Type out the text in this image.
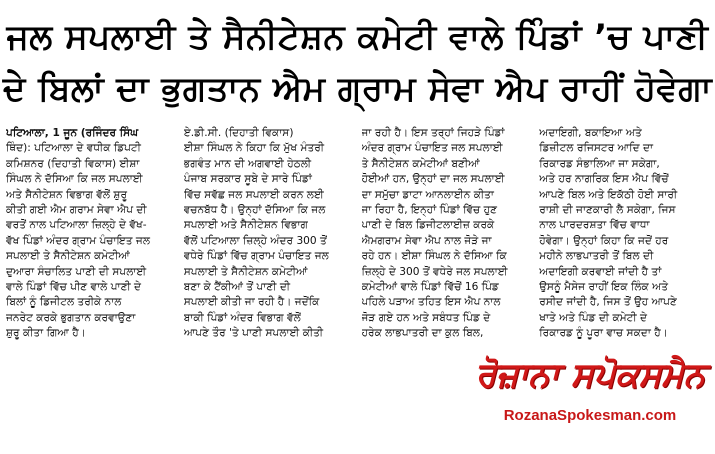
ਜਲ ਸਪਲਾਈ ਤੇ ਸੈਨੀਟੇਸ਼ਨ ਕਮੇਟੀ ਵਾਲੇ ਪਿੰਡਾਂ ’ਚ ਪਾਣੀ
ਦੇ ਬਿਲਾਂ ਦਾ ਭੁਗਤਾਨ ਐਮ ਗ੍ਰਾਮ ਸੇਵਾ ਐਪ ਰਾਹੀਂ ਹੋਵੇਗਾ
ਪਟਿਆਲਾ, 1 ਜੂਨ (ਰਜਿੰਦਰ ਸਿੰਘ
ਥਿੰਦ): ਪਟਿਆਲਾ ਦੇ ਵਧੀਕ ਡਿਪਟੀ
ਕਮਿਸ਼ਨਰ (ਦਿਹਾਤੀ ਵਿਕਾਸ) ਈਸ਼ਾ
ਸਿੰਘਲ ਨੇ ਦੱਸਿਆ ਕਿ ਜਲ ਸਪਲਾਈ
ਅਤੇ ਸੈਨੀਟੇਸ਼ਨ ਵਿਭਾਗ ਵੱਲੋਂ ਸ਼ੁਰੂ
ਕੀਤੀ ਗਈ ਐਮ ਗਰਾਮ ਸੇਵਾ ਐਪ ਦੀ
ਵਰਤੋਂ ਨਾਲ ਪਟਿਆਲਾ ਜ਼ਿਲ੍ਹੇ ਦੇ ਵੱਖ-
ਵੱਖ ਪਿੰਡਾਂ ਅੰਦਰ ਗ੍ਰਾਮ ਪੰਚਾਇਤ ਜਲ
ਸਪਲਾਈ ਤੇ ਸੈਨੀਟੇਸ਼ਨ ਕਮੇਟੀਆਂ
ਦੁਆਰਾ ਸੰਚਾਲਿਤ ਪਾਣੀ ਦੀ ਸਪਲਾਈ
ਵਾਲੇ ਪਿੰਡਾਂ ਵਿੱਚ ਪੀਣ ਵਾਲੇ ਪਾਣੀ ਦੇ
ਬਿਲਾਂ ਨੂੰ ਡਿਜੀਟਲ ਤਰੀਕੇ ਨਾਲ
ਜਨਰੇਟ ਕਰਕੇ ਭੁਗਤਾਨ ਕਰਵਾਉਣਾ
ਸ਼ੁਰੂ ਕੀਤਾ ਗਿਆ ਹੈ।
ਏ.ਡੀ.ਸੀ. (ਦਿਹਾਤੀ ਵਿਕਾਸ)
ਈਸ਼ਾ ਸਿੰਘਲ ਨੇ ਕਿਹਾ ਕਿ ਮੁੱਖ ਮੰਤਰੀ
ਭਗਵੰਤ ਮਾਨ ਦੀ ਅਗਵਾਈ ਹੇਠਲੀ
ਪੰਜਾਬ ਸਰਕਾਰ ਸੂਬੇ ਦੇ ਸਾਰੇ ਪਿੰਡਾਂ
ਵਿੱਚ ਸਵੱਛ ਜਲ ਸਪਲਾਈ ਕਰਨ ਲਈ
ਵਚਨਬੱਧ ਹੈ। ਉਨ੍ਹਾਂ ਦੱਸਿਆ ਕਿ ਜਲ
ਸਪਲਾਈ ਅਤੇ ਸੈਨੀਟੇਸ਼ਨ ਵਿਭਾਗ
ਵੱਲੋਂ ਪਟਿਆਲਾ ਜ਼ਿਲ੍ਹੇ ਅੰਦਰ 300 ਤੋਂ
ਵਧੇਰੇ ਪਿੰਡਾਂ ਵਿੱਚ ਗ੍ਰਾਮ ਪੰਚਾਇਤ ਜਲ
ਸਪਲਾਈ ਤੇ ਸੈਨੀਟੇਸ਼ਨ ਕਮੇਟੀਆਂ
ਬਣਾ ਕੇ ਟੈਂਕੀਆਂ ਤੋਂ ਪਾਣੀ ਦੀ
ਸਪਲਾਈ ਕੀਤੀ ਜਾ ਰਹੀ ਹੈ। ਜਦੋਂਕਿ
ਬਾਕੀ ਪਿੰਡਾਂ ਅੰਦਰ ਵਿਭਾਗ ਵੱਲੋਂ
ਆਪਣੇ ਤੌਰ 'ਤੇ ਪਾਣੀ ਸਪਲਾਈ ਕੀਤੀ
ਜਾ ਰਹੀ ਹੈ। ਇਸ ਤਰ੍ਹਾਂ ਜਿਹੜੇ ਪਿੰਡਾਂ
ਅੰਦਰ ਗ੍ਰਾਮ ਪੰਚਾਇਤ ਜਲ ਸਪਲਾਈ
ਤੇ ਸੈਨੀਟੇਸ਼ਨ ਕਮੇਟੀਆਂ ਬਣੀਆਂ
ਹੋਈਆਂ ਹਨ, ਉਨ੍ਹਾਂ ਦਾ ਜਲ ਸਪਲਾਈ
ਦਾ ਸਮੁੱਚਾ ਡਾਟਾ ਆਨਲਾਈਨ ਕੀਤਾ
ਜਾ ਰਿਹਾ ਹੈ, ਇਨ੍ਹਾਂ ਪਿੰਡਾਂ ਵਿੱਚ ਹੁਣ
ਪਾਣੀ ਦੇ ਬਿਲ ਡਿਜੀਟਲਾਈਜ਼ ਕਰਕੇ
ਐਮਗਰਾਮ ਸੇਵਾ ਐਪ ਨਾਲ ਜੋੜੇ ਜਾ
ਰਹੇ ਹਨ। ਈਸ਼ਾ ਸਿੰਘਲ ਨੇ ਦੱਸਿਆ ਕਿ
ਜ਼ਿਲ੍ਹੇ ਦੇ 300 ਤੋਂ ਵਧੇਰੇ ਜਲ ਸਪਲਾਈ
ਕਮੇਟੀਆਂ ਵਾਲੇ ਪਿੰਡਾਂ ਵਿੱਚੋਂ 16 ਪਿੰਡ
ਪਹਿਲੇ ਪੜਾਅ ਤਹਿਤ ਇਸ ਐਪ ਨਾਲ
ਜੋੜ ਗਏ ਹਨ ਅਤੇ ਸਬੰਧਤ ਪਿੰਡ ਦੇ
ਹਰੇਕ ਲਾਭਪਾਤਰੀ ਦਾ ਕੁਲ ਬਿਲ,
ਅਦਾਇਗੀ, ਬਕਾਇਆ ਅਤੇ
ਡਿਜ਼ੀਟਲ ਰਜਿਸਟਰ ਆਦਿ ਦਾ
ਰਿਕਾਰਡ ਸੰਭਾਲਿਆ ਜਾ ਸਕੇਗਾ,
ਅਤੇ ਹਰ ਨਾਗਰਿਕ ਇਸ ਐਪ ਵਿੱਚੋਂ
ਆਪਣੇ ਬਿਲ ਅਤੇ ਇਕੱਠੀ ਹੋਈ ਸਾਰੀ
ਰਾਸ਼ੀ ਦੀ ਜਾਣਕਾਰੀ ਲੈ ਸਕੇਗਾ, ਜਿਸ
ਨਾਲ ਪਾਰਦਰਸ਼ਤਾ ਵਿੱਚ ਵਾਧਾ
ਹੋਵੇਗਾ। ਉਨ੍ਹਾਂ ਕਿਹਾ ਕਿ ਜਦੋਂ ਹਰ
ਮਹੀਨੇ ਲਾਭਪਾਤਰੀ ਤੋਂ ਬਿਲ ਦੀ
ਅਦਾਇਗੀ ਕਰਵਾਈ ਜਾਂਦੀ ਹੈ ਤਾਂ
ਉਸਨੂੰ ਮੈਸੇਜ ਰਾਹੀਂ ਇਕ ਲਿੰਕ ਅਤੇ
ਰਸੀਦ ਜਾਂਦੀ ਹੈ, ਜਿਸ ਤੋਂ ਉਹ ਆਪਣੇ
ਖਾਤੇ ਅਤੇ ਪਿੰਡ ਦੀ ਕਮੇਟੀ ਦੇ
ਰਿਕਾਰਡ ਨੂੰ ਪੂਰਾ ਵਾਚ ਸਕਦਾ ਹੈ।
ਰੋਜ਼ਾਨਾ ਸਪੋਕਸਮੈਨ
RozanaSpokesman.com
